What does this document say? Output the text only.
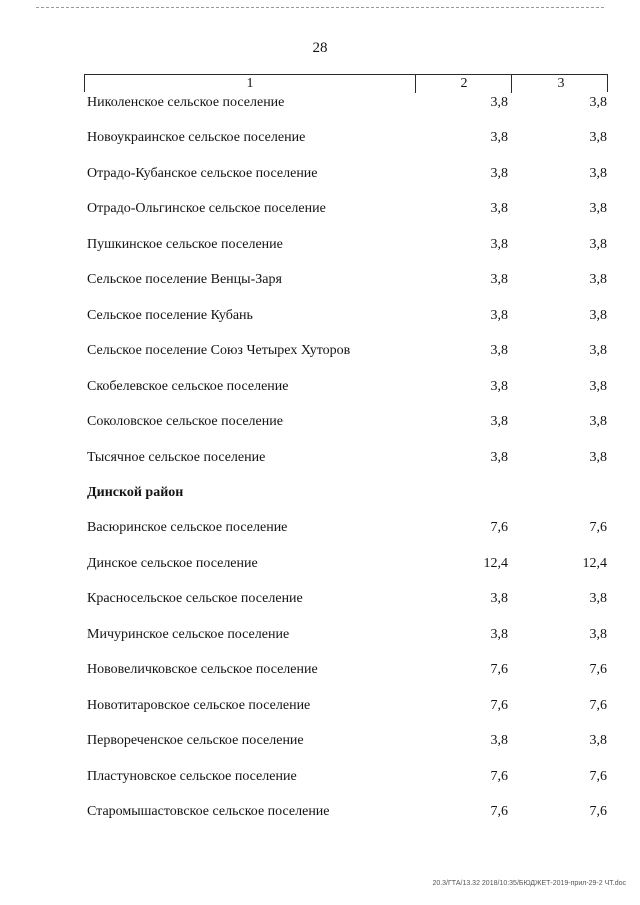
28
1	2	3
Николенское сельское поселение	3,8	3,8
Новоукраинское сельское поселение	3,8	3,8
Отрадо-Кубанское сельское поселение	3,8	3,8
Отрадо-Ольгинское сельское поселение	3,8	3,8
Пушкинское сельское поселение	3,8	3,8
Сельское поселение Венцы-Заря	3,8	3,8
Сельское поселение Кубань	3,8	3,8
Сельское поселение Союз Четырех Хуторов	3,8	3,8
Скобелевское сельское поселение	3,8	3,8
Соколовское сельское поселение	3,8	3,8
Тысячное сельское поселение	3,8	3,8
Динской район
Васюринское сельское поселение	7,6	7,6
Динское сельское поселение	12,4	12,4
Красносельское сельское поселение	3,8	3,8
Мичуринское сельское поселение	3,8	3,8
Нововеличковское сельское поселение	7,6	7,6
Новотитаровское сельское поселение	7,6	7,6
Первореченское сельское поселение	3,8	3,8
Пластуновское сельское поселение	7,6	7,6
Старомышастовское сельское поселение	7,6	7,6
20.3/ГТА/13.32 2018/10:35/БЮДЖЕТ-2019-прил-29-2 ЧТ.doc
